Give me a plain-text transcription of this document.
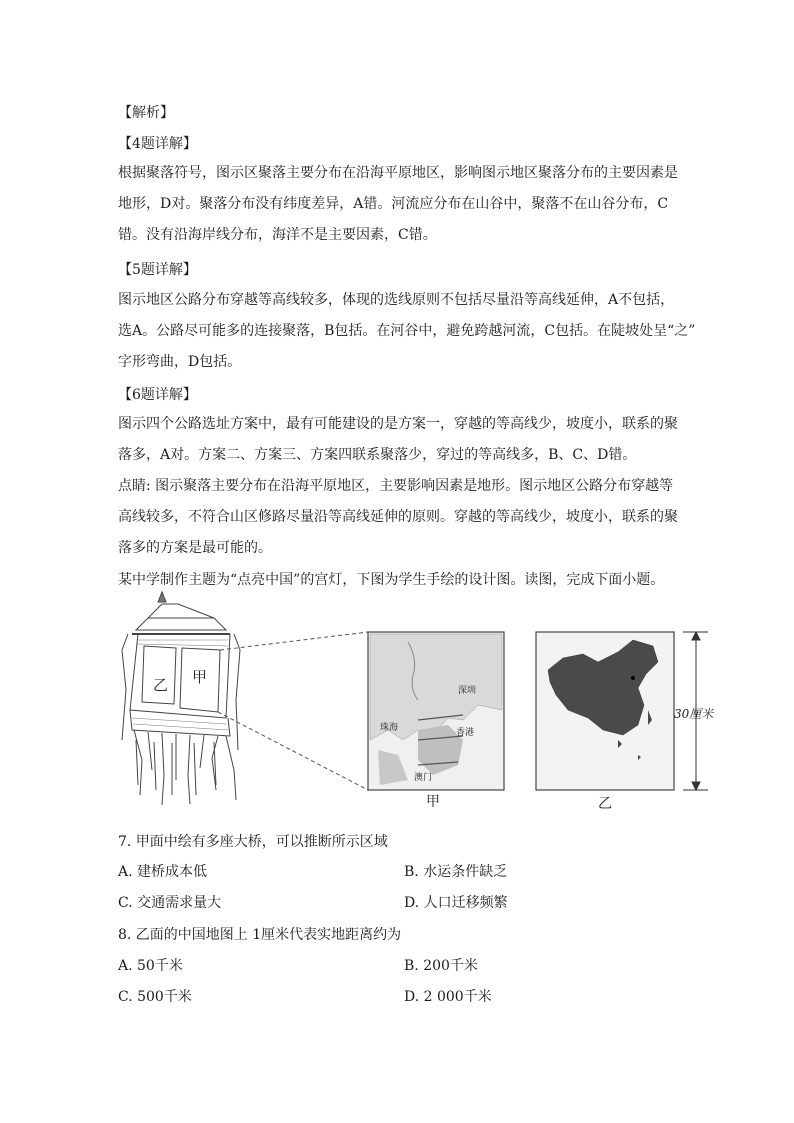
【解析】
【4题详解】
根据聚落符号，图示区聚落主要分布在沿海平原地区，影响图示地区聚落分布的主要因素是
地形，D对。聚落分布没有纬度差异，A错。河流应分布在山谷中，聚落不在山谷分布，C
错。没有沿海岸线分布，海洋不是主要因素，C错。
【5题详解】
图示地区公路分布穿越等高线较多，体现的选线原则不包括尽量沿等高线延伸，A不包括，
选A。公路尽可能多的连接聚落，B包括。在河谷中，避免跨越河流，C包括。在陡坡处呈“之”
字形弯曲，D包括。
【6题详解】
图示四个公路选址方案中，最有可能建设的是方案一，穿越的等高线少，坡度小，联系的聚
落多，A对。方案二、方案三、方案四联系聚落少，穿过的等高线多，B、C、D错。
点睛: 图示聚落主要分布在沿海平原地区，主要影响因素是地形。图示地区公路分布穿越等
高线较多，不符合山区修路尽量沿等高线延伸的原则。穿越的等高线少，坡度小，联系的聚
落多的方案是最可能的。
某中学制作主题为“点亮中国”的宫灯，下图为学生手绘的设计图。读图，完成下面小题。
乙 甲
深圳
珠海	香港
澳门
30厘米
甲	乙
7. 甲面中绘有多座大桥，可以推断所示区域
A. 建桥成本低	B. 水运条件缺乏
C. 交通需求量大	D. 人口迁移频繁
8. 乙面的中国地图上 1厘米代表实地距离约为
A. 50千米	B. 200千米
C. 500千米	D. 2 000千米
